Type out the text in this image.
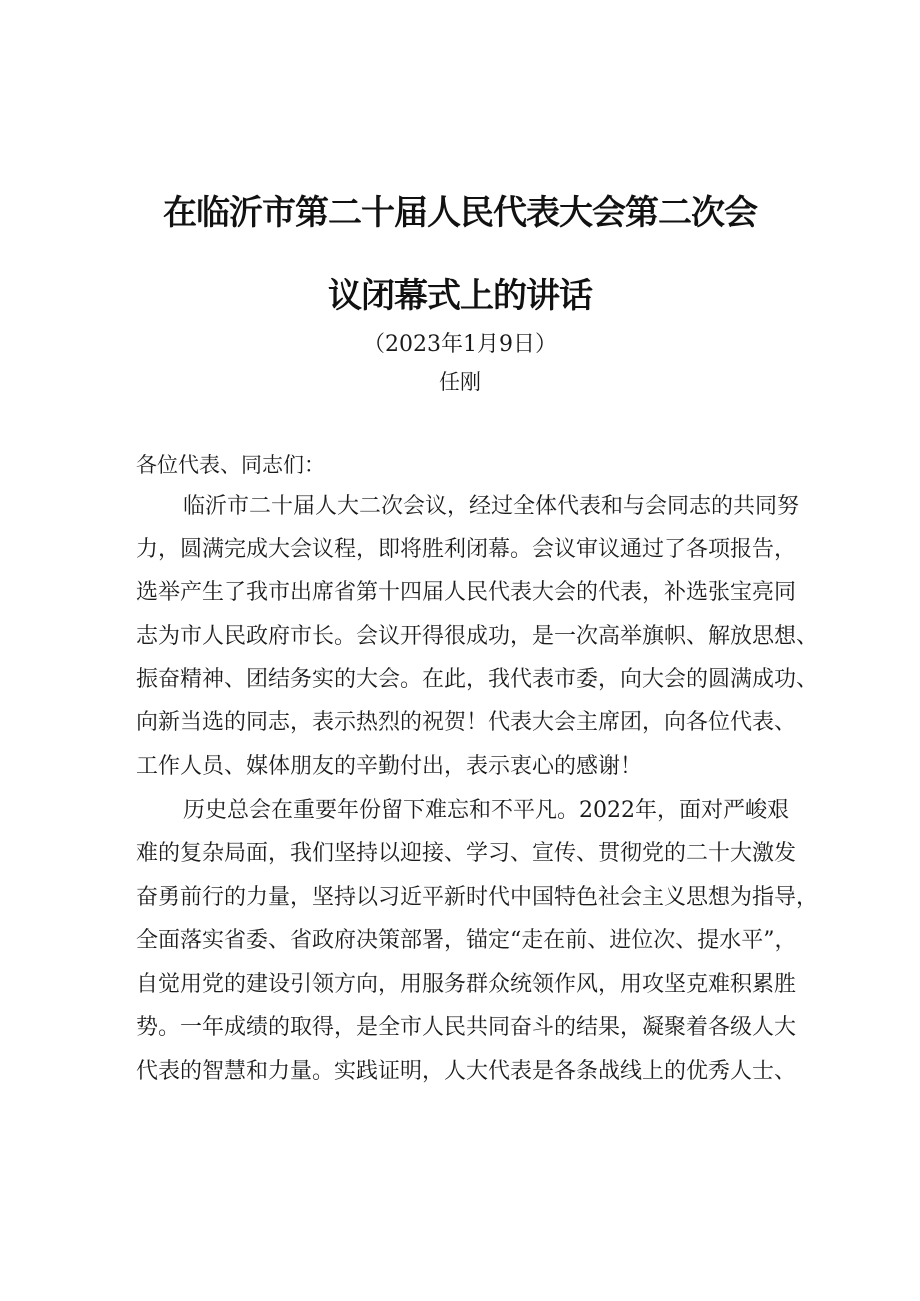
在临沂市第二十届人民代表大会第二次会
议闭幕式上的讲话
（2023年1月9日）
任刚
各位代表、同志们：
临沂市二十届人大二次会议，经过全体代表和与会同志的共同努
力，圆满完成大会议程，即将胜利闭幕。会议审议通过了各项报告，
选举产生了我市出席省第十四届人民代表大会的代表，补选张宝亮同
志为市人民政府市长。会议开得很成功，是一次高举旗帜、解放思想、
振奋精神、团结务实的大会。在此，我代表市委，向大会的圆满成功、
向新当选的同志，表示热烈的祝贺！代表大会主席团，向各位代表、
工作人员、媒体朋友的辛勤付出，表示衷心的感谢！
历史总会在重要年份留下难忘和不平凡。2022年，面对严峻艰
难的复杂局面，我们坚持以迎接、学习、宣传、贯彻党的二十大激发
奋勇前行的力量，坚持以习近平新时代中国特色社会主义思想为指导，
全面落实省委、省政府决策部署，锚定“走在前、进位次、提水平”，
自觉用党的建设引领方向，用服务群众统领作风，用攻坚克难积累胜
势。一年成绩的取得，是全市人民共同奋斗的结果，凝聚着各级人大
代表的智慧和力量。实践证明，人大代表是各条战线上的优秀人士、
